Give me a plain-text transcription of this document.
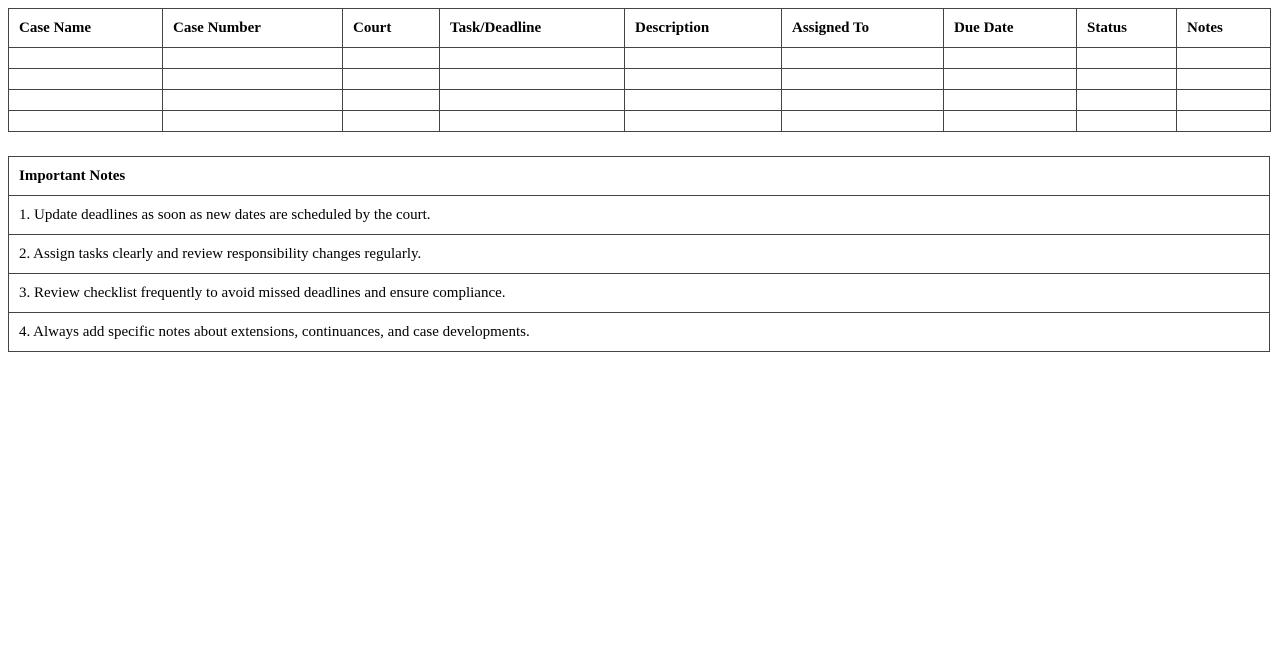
Case Name	Case Number	Court	Task/Deadline	Description	Assigned To	Due Date	Status	Notes

Important Notes
1. Update deadlines as soon as new dates are scheduled by the court.
2. Assign tasks clearly and review responsibility changes regularly.
3. Review checklist frequently to avoid missed deadlines and ensure compliance.
4. Always add specific notes about extensions, continuances, and case developments.
